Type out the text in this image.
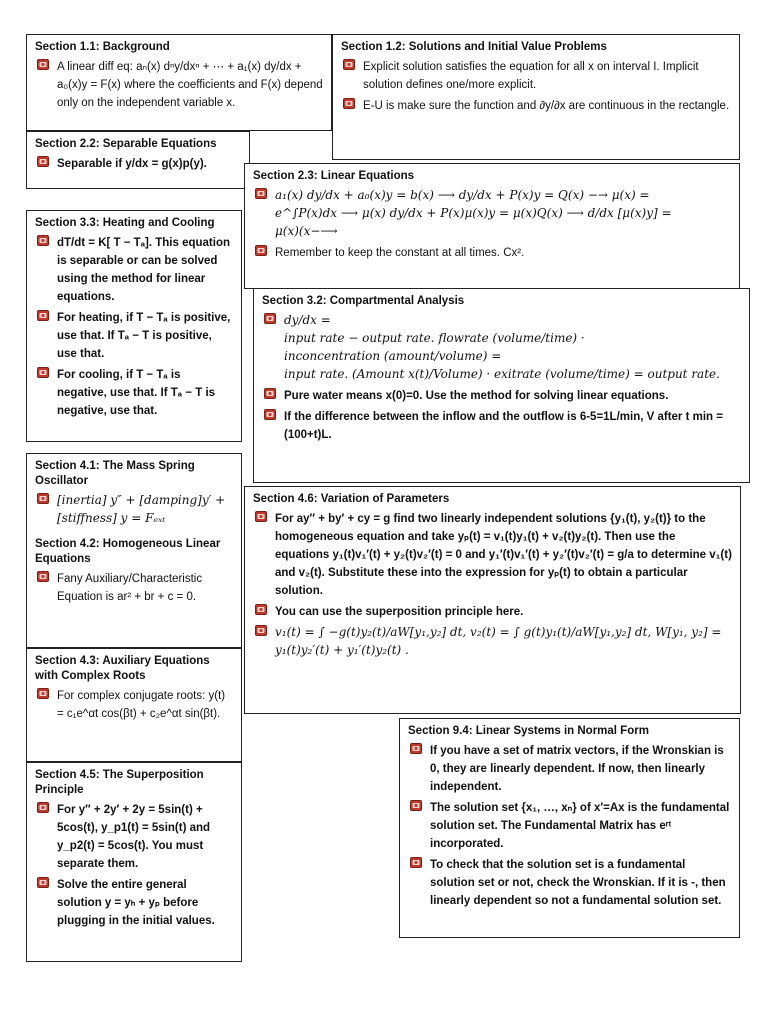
Section 1.1: Background
A linear diff eq: aₙ(x) dⁿy/dxⁿ + ⋯ + a₁(x) dy/dx + a₀(x)y = F(x) where the coefficients and F(x) depend only on the independent variable x.
Section 1.2: Solutions and Initial Value Problems
Explicit solution satisfies the equation for all x on interval I. Implicit solution defines one/more explicit.
E-U is make sure the function and ∂y/∂x are continuous in the rectangle.
Section 2.2: Separable Equations
Separable if y/dx = g(x)p(y).
Section 2.3: Linear Equations
a₁(x) dy/dx + a₀(x)y = b(x) ⟶ dy/dx + P(x)y = Q(x) −→ μ(x) =
e^∫P(x)dx ⟶ μ(x) dy/dx + P(x)μ(x)y = μ(x)Q(x) ⟶ d/dx [μ(x)y] =
μ(x)(x−⟶
Remember to keep the constant at all times. Cx².
Section 3.3: Heating and Cooling
dT/dt = K[ T − Tₐ]. This equation is separable or can be solved using the method for linear equations.
For heating, if T − Tₐ is positive, use that. If Tₐ − T is positive, use that.
For cooling, if T − Tₐ is negative, use that. If Tₐ − T is negative, use that.
Section 3.2: Compartmental Analysis
dy/dx =
input rate − output rate. flowrate (volume/time) ·
inconcentration (amount/volume) =
input rate. (Amount x(t)/Volume) · exitrate (volume/time) = output rate.
Pure water means x(0)=0. Use the method for solving linear equations.
If the difference between the inflow and the outflow is 6-5=1L/min, V after t min = (100+t)L.
Section 4.1: The Mass Spring Oscillator
[inertia] y″ + [damping]y′ + [stiffness] y = Fₑₓₜ
Section 4.2: Homogeneous Linear Equations
Fany Auxiliary/Characteristic Equation is ar² + br + c = 0.
Section 4.6: Variation of Parameters
For ay″ + by′ + cy = g find two linearly independent solutions {y₁(t), y₂(t)} to the homogeneous equation and take yₚ(t) = v₁(t)y₁(t) + v₂(t)y₂(t). Then use the equations y₁(t)v₁′(t) + y₂(t)v₂′(t) = 0 and y₁′(t)v₁′(t) + y₂′(t)v₂′(t) = g/a to determine v₁(t) and v₂(t). Substitute these into the expression for yₚ(t) to obtain a particular solution.
You can use the superposition principle here.
v₁(t) = ∫ −g(t)y₂(t)/aW[y₁,y₂] dt, v₂(t) = ∫ g(t)y₁(t)/aW[y₁,y₂] dt, W[y₁, y₂] = y₁(t)y₂′(t) + y₁′(t)y₂(t) .
Section 4.3: Auxiliary Equations with Complex Roots
For complex conjugate roots: y(t) = c₁e^αt cos(βt) + c₂e^αt sin(βt).
Section 9.4: Linear Systems in Normal Form
If you have a set of matrix vectors, if the Wronskian is 0, they are linearly dependent. If now, then linearly independent.
The solution set {x₁, …, xₙ} of x′=Ax is the fundamental solution set. The Fundamental Matrix has eʳᵗ incorporated.
To check that the solution set is a fundamental solution set or not, check the Wronskian. If it is -, then linearly dependent so not a fundamental solution set.
Section 4.5: The Superposition Principle
For y″ + 2y′ + 2y = 5sin(t) + 5cos(t), y_p1(t) = 5sin(t) and y_p2(t) = 5cos(t). You must separate them.
Solve the entire general solution y = yₕ + yₚ before plugging in the initial values.
